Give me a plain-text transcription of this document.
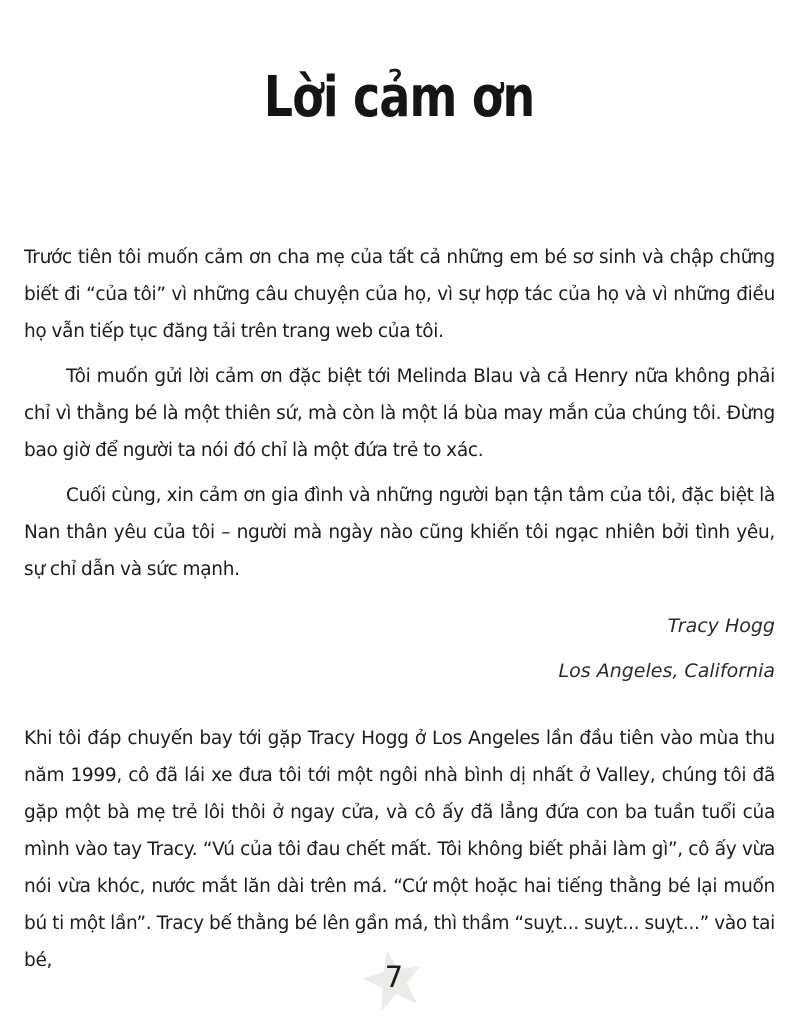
Lời cảm ơn

Trước tiên tôi muốn cảm ơn cha mẹ của tất cả những em bé sơ sinh và chập chững biết đi “của tôi” vì những câu chuyện của họ, vì sự hợp tác của họ và vì những điều họ vẫn tiếp tục đăng tải trên trang web của tôi.

Tôi muốn gửi lời cảm ơn đặc biệt tới Melinda Blau và cả Henry nữa không phải chỉ vì thằng bé là một thiên sứ, mà còn là một lá bùa may mắn của chúng tôi. Đừng bao giờ để người ta nói đó chỉ là một đứa trẻ to xác.

Cuối cùng, xin cảm ơn gia đình và những người bạn tận tâm của tôi, đặc biệt là Nan thân yêu của tôi – người mà ngày nào cũng khiến tôi ngạc nhiên bởi tình yêu, sự chỉ dẫn và sức mạnh.

Tracy Hogg
Los Angeles, California

Khi tôi đáp chuyến bay tới gặp Tracy Hogg ở Los Angeles lần đầu tiên vào mùa thu năm 1999, cô đã lái xe đưa tôi tới một ngôi nhà bình dị nhất ở Valley, chúng tôi đã gặp một bà mẹ trẻ lôi thôi ở ngay cửa, và cô ấy đã lẳng đứa con ba tuần tuổi của mình vào tay Tracy. “Vú của tôi đau chết mất. Tôi không biết phải làm gì”, cô ấy vừa nói vừa khóc, nước mắt lăn dài trên má. “Cứ một hoặc hai tiếng thằng bé lại muốn bú ti một lần”. Tracy bế thằng bé lên gần má, thì thầm “suỵt... suỵt... suỵt...” vào tai bé,	7
